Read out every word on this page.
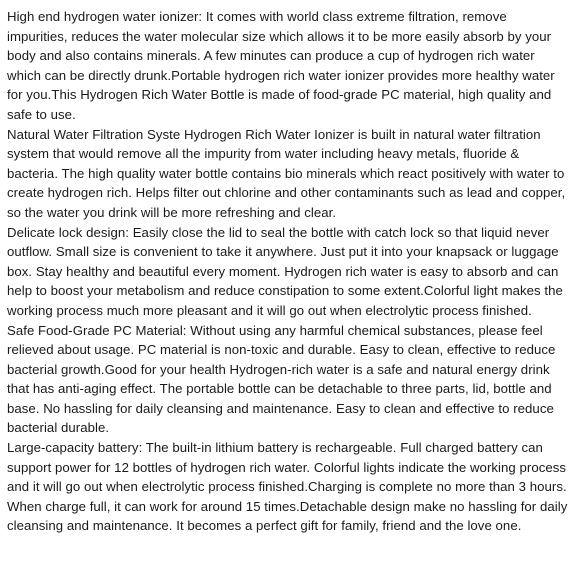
High end hydrogen water ionizer: It comes with world class extreme filtration, remove impurities, reduces the water molecular size which allows it to be more easily absorb by your body and also contains minerals. A few minutes can produce a cup of hydrogen rich water which can be directly drunk.Portable hydrogen rich water ionizer provides more healthy water for you.This Hydrogen Rich Water Bottle is made of food-grade PC material, high quality and safe to use.

Natural Water Filtration Syste Hydrogen Rich Water Ionizer is built in natural water filtration system that would remove all the impurity from water including heavy metals, fluoride & bacteria. The high quality water bottle contains bio minerals which react positively with water to create hydrogen rich. Helps filter out chlorine and other contaminants such as lead and copper, so the water you drink will be more refreshing and clear.

Delicate lock design: Easily close the lid to seal the bottle with catch lock so that liquid never outflow. Small size is convenient to take it anywhere. Just put it into your knapsack or luggage box. Stay healthy and beautiful every moment. Hydrogen rich water is easy to absorb and can help to boost your metabolism and reduce constipation to some extent.Colorful light makes the working process much more pleasant and it will go out when electrolytic process finished.

Safe Food-Grade PC Material: Without using any harmful chemical substances, please feel relieved about usage. PC material is non-toxic and durable. Easy to clean, effective to reduce bacterial growth.Good for your health Hydrogen-rich water is a safe and natural energy drink that has anti-aging effect. The portable bottle can be detachable to three parts, lid, bottle and base. No hassling for daily cleansing and maintenance. Easy to clean and effective to reduce bacterial durable.

Large-capacity battery: The built-in lithium battery is rechargeable. Full charged battery can support power for 12 bottles of hydrogen rich water. Colorful lights indicate the working process and it will go out when electrolytic process finished.Charging is complete no more than 3 hours. When charge full, it can work for around 15 times.Detachable design make no hassling for daily cleansing and maintenance. It becomes a perfect gift for family, friend and the love one.
